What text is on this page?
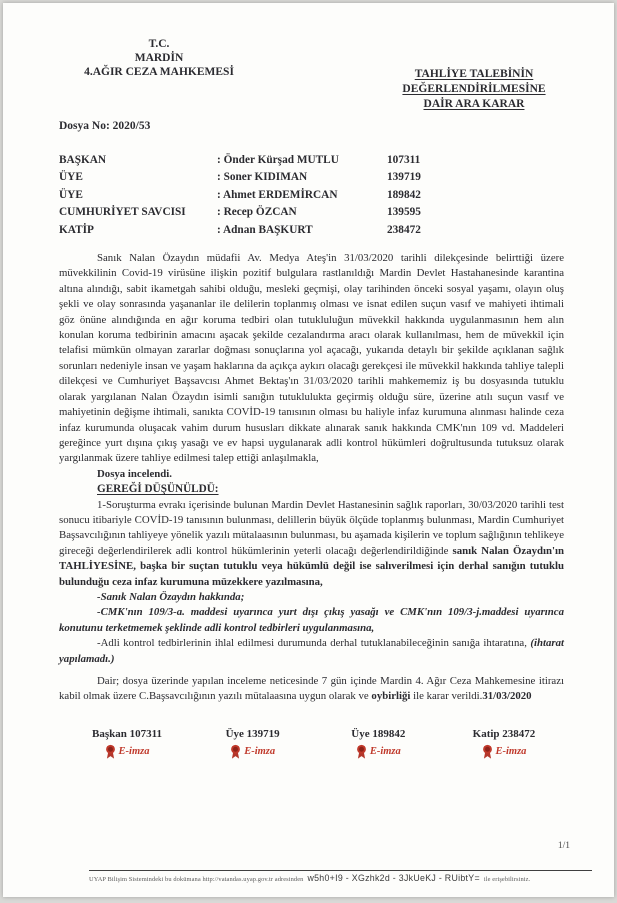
T.C.
MARDİN
4.AĞIR CEZA MAHKEMESİ	TAHLİYE TALEBİNİN
DEĞERLENDİRİLMESİNE
DAİR ARA KARAR
Dosya No: 2020/53
BAŞKAN	: Önder Kürşad MUTLU	107311
ÜYE	: Soner KIDIMAN	139719
ÜYE	: Ahmet ERDEMİRCAN	189842
CUMHURİYET SAVCISI	: Recep ÖZCAN	139595
KATİP	: Adnan BAŞKURT	238472

Sanık Nalan Özaydın müdafii Av. Medya Ateş'in 31/03/2020 tarihli dilekçesinde belirttiği üzere müvekkilinin Covid-19 virüsüne ilişkin pozitif bulgulara rastlanıldığı Mardin Devlet Hastahanesinde karantina altına alındığı, sabit ikametgah sahibi olduğu, mesleki geçmişi, olay tarihinden önceki sosyal yaşamı, olayın oluş şekli ve olay sonrasında yaşananlar ile delilerin toplanmış olması ve isnat edilen suçun vasıf ve mahiyeti ihtimali göz önüne alındığında en ağır koruma tedbiri olan tutukluluğun müvekkil hakkında uygulanmasının hem alın konulan koruma tedbirinin amacını aşacak şekilde cezalandırma aracı olarak kullanılması, hem de müvekkil için telafisi mümkün olmayan zararlar doğması sonuçlarına yol açacağı, yukarıda detaylı bir şekilde açıklanan sağlık sorunları nedeniyle insan ve yaşam haklarına da açıkça aykırı olacağı gerekçesi ile müvekkil hakkında tahliye talepli dilekçesi ve Cumhuriyet Başsavcısı Ahmet Bektaş'ın 31/03/2020 tarihli mahkememiz iş bu dosyasında tutuklu olarak yargılanan Nalan Özaydın isimli sanığın tutuklulukta geçirmiş olduğu süre, üzerine atılı suçun vasıf ve mahiyetinin değişme ihtimali, sanıkta COVİD-19 tanısının olması bu haliyle infaz kurumuna alınması halinde ceza infaz kurumunda oluşacak vahim durum hususları dikkate alınarak sanık hakkında CMK'nın 109 vd. Maddeleri gereğince yurt dışına çıkış yasağı ve ev hapsi uygulanarak adli kontrol hükümleri doğrultusunda tutuksuz olarak yargılanmak üzere tahliye edilmesi talep ettiği anlaşılmakla,

Dosya incelendi.

GEREĞİ DÜŞÜNÜLDÜ:

1-Soruşturma evrakı içerisinde bulunan Mardin Devlet Hastanesinin sağlık raporları, 30/03/2020 tarihli test sonucu itibariyle COVİD-19 tanısının bulunması, delillerin büyük ölçüde toplanmış bulunması, Mardin Cumhuriyet Başsavcılığının tahliyeye yönelik yazılı mütalaasının bulunması, bu aşamada kişilerin ve toplum sağlığının tehlikeye gireceği değerlendirilerek adli kontrol hükümlerinin yeterli olacağı değerlendirildiğinde sanık Nalan Özaydın'ın TAHLİYESİNE, başka bir suçtan tutuklu veya hükümlü değil ise salıverilmesi için derhal sanığın tutuklu bulunduğu ceza infaz kurumuna müzekkere yazılmasına,

-Sanık Nalan Özaydın hakkında;

-CMK'nın 109/3-a. maddesi uyarınca yurt dışı çıkış yasağı ve CMK'nın 109/3-j.maddesi uyarınca konutunu terketmemek şeklinde adli kontrol tedbirleri uygulanmasına,

-Adli kontrol tedbirlerinin ihlal edilmesi durumunda derhal tutuklanabileceğinin sanığa ihtaratına, (ihtarat yapılamadı.)

Dair; dosya üzerinde yapılan inceleme neticesinde 7 gün içinde Mardin 4. Ağır Ceza Mahkemesine itirazı kabil olmak üzere C.Başsavcılığının yazılı mütalaasına uygun olarak ve oybirliği ile karar verildi.31/03/2020

Başkan 107311
E-imza
Üye 139719
E-imza
Üye 189842
E-imza
Katip 238472
E-imza
1/1
UYAP Bilişim Sistemindeki bu dokümana http://vatandas.uyap.gov.tr adresinden w5h0+I9 - XGzhk2d - 3JkUeKJ - RUibtY= ile erişebilirsiniz.
